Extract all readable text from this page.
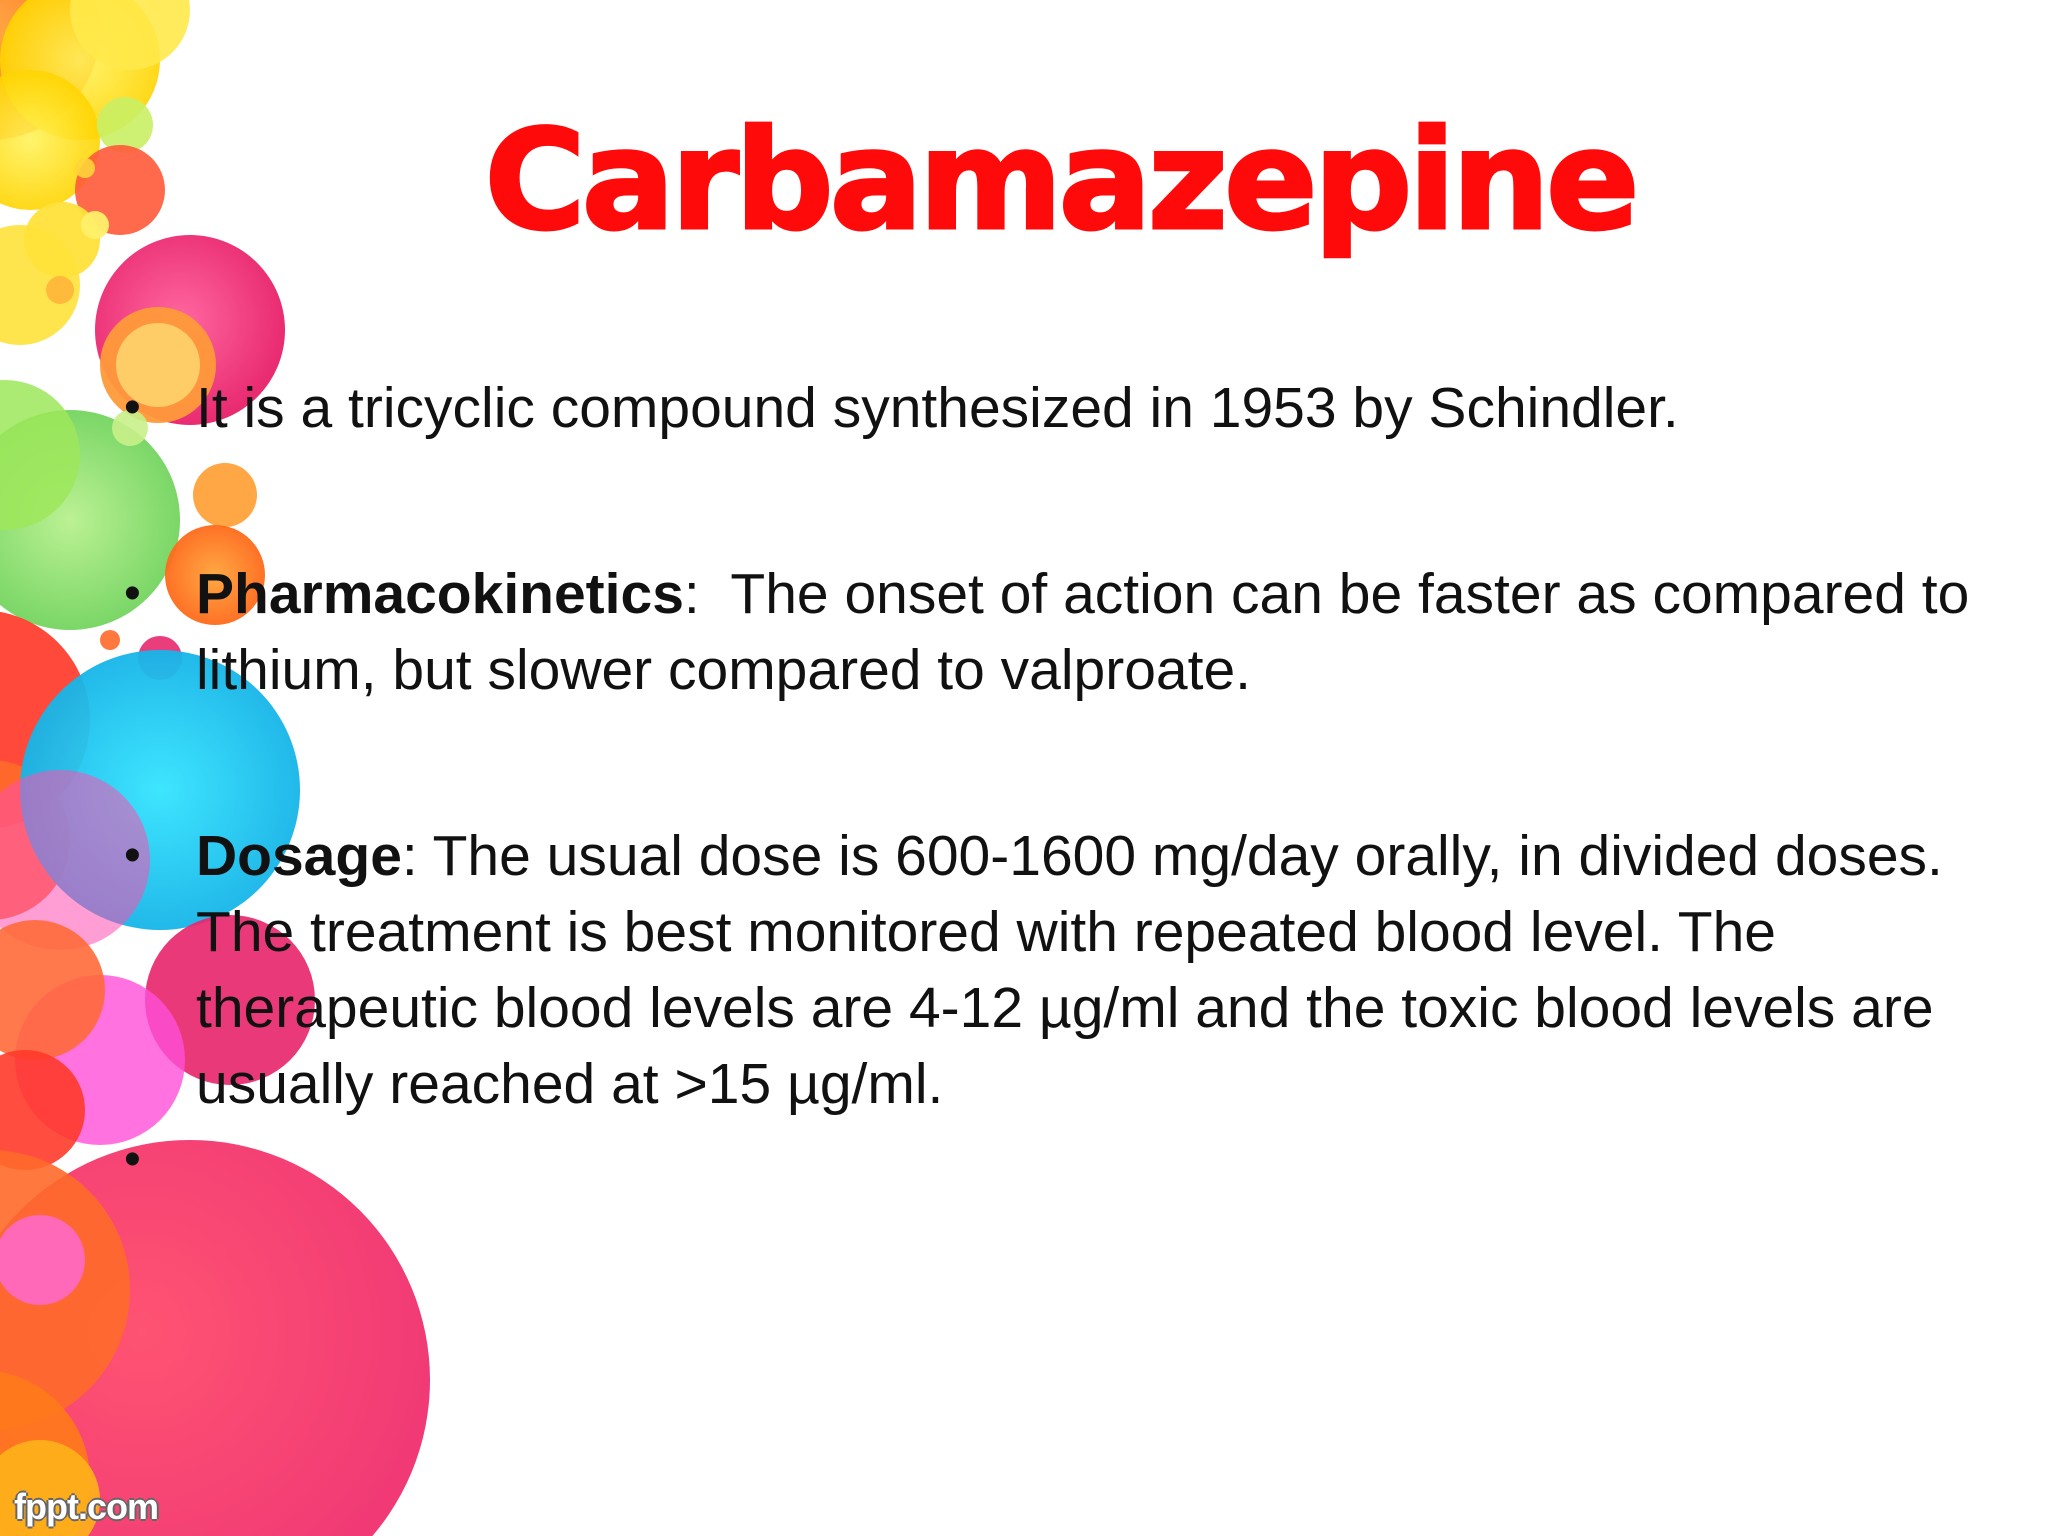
Carbamazepine
• It is a tricyclic compound synthesized in 1953 by Schindler.
• Pharmacokinetics:  The onset of action can be faster as compared to lithium, but slower compared to valproate.
• Dosage: The usual dose is 600-1600 mg/day orally, in divided doses. The treatment is best monitored with repeated blood level. The therapeutic blood levels are 4-12 µg/ml and the toxic blood levels are usually reached at >15 µg/ml.
•
fppt.com
